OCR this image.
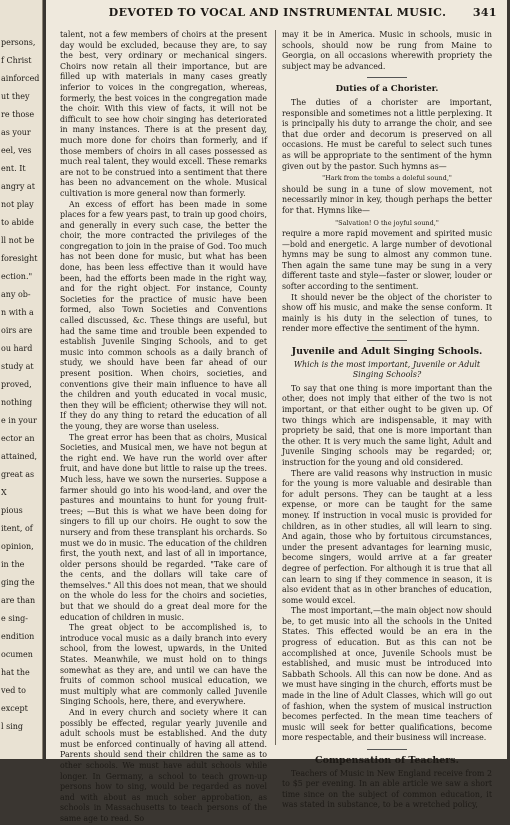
persons,
f Christ
ainforced
ut they
re those
as your
eel, ves
ent. It
angry at
not play
to abide
ll not be
foresight
ection."
any ob-
n with a
oirs are
ou hard
study at
proved,
nothing
e in your
ector an
attained,
great as
X
pious
itent, of
opinion,
in the
ging the
are than
e sing-
endition
ocumen
hat the
ved to
except
l sing
DEVOTED TO VOCAL AND INSTRUMENTAL MUSIC. 341

talent, not a few members of choirs at the present day would be excluded, because they are, to say the best, very ordinary or mechanical singers. Choirs now retain all their importance, but are filled up with materials in many cases greatly inferior to voices in the congregation, whereas, formerly, the best voices in the congregation made the choir. With this view of facts, it will not be difficult to see how choir singing has deteriorated in many instances. There is at the present day, much more done for choirs than formerly, and if those members of choirs in all cases possessed as much real talent, they would excell. These remarks are not to be construed into a sentiment that there has been no advancement on the whole. Musical cultivation is more general now than formerly.

An excess of effort has been made in some places for a few years past, to train up good choirs, and generally in every such case, the better the choir, the more contracted the privileges of the congregation to join in the praise of God. Too much has not been done for music, but what has been done, has been less effective than it would have been, had the efforts been made in the right way, and for the right object. For instance, County Societies for the practice of music have been formed, also Town Societies and Conventions called discussed, &c. These things are useful, but had the same time and trouble been expended to establish Juvenile Singing Schools, and to get music into common schools as a daily branch of study, we should have been far ahead of our present position. When choirs, societies, and conventions give their main influence to have all the children and youth educated in vocal music, then they will be efficient; otherwise they will not. If they do any thing to retard the education of all the young, they are worse than useless.

The great error has been that as choirs, Musical Societies, and Musical men, we have not begun at the right end. We have run the world over after fruit, and have done but little to raise up the trees. Much less, have we sown the nurseries. Suppose a farmer should go into his wood-land, and over the pastures and mountains to hunt for young fruit-trees; —But this is what we have been doing for singers to fill up our choirs. He ought to sow the nursery and from these transplant his orchards. So must we do in music. The education of the children first, the youth next, and last of all in importance, older persons should be regarded. "Take care of the cents, and the dollars will take care of themselves." All this does not mean, that we should on the whole do less for the choirs and societies, but that we should do a great deal more for the education of children in music.

The great object to be accomplished is, to introduce vocal music as a daily branch into every school, from the lowest, upwards, in the United States. Meanwhile, we must hold on to things somewhat as they are, and until we can have the fruits of common school musical education, we must multiply what are commonly called Juvenile Singing Schools, here, there, and everywhere.

And in every church and society where it can possibly be effected, regular yearly juvenile and adult schools must be established. And the duty must be enforced continually of having all attend. Parents should send their children the same as to other schools. We must have adult schools while longer. In Germany, a school to teach grown-up persons how to sing, would be regarded as novel and with about as much sober approbation, as schools in Massachusetts to teach persons of the same age to read. So

may it be in America. Music in schools, music in schools, should now be rung from Maine to Georgia, on all occasions wherewith propriety the subject may be advanced.

Duties of a Chorister.

The duties of a chorister are important, responsible and sometimes not a little perplexing. It is principally his duty to arrange the choir, and see that due order and decorum is preserved on all occasions. He must be careful to select such tunes as will be appropriate to the sentiment of the hymn given out by the pastor. Such hymns as—

"Hark from the tombs a doleful sound,"

should be sung in a tune of slow movement, not necessarily minor in key, though perhaps the better for that. Hymns like—

"Salvation! O the joyful sound,"

require a more rapid movement and spirited music—bold and energetic. A large number of devotional hymns may be sung to almost any common tune. Then again the same tune may be sung in a very different taste and style—faster or slower, louder or softer according to the sentiment.

It should never be the object of the chorister to show off his music, and make the sense conform. It mainly is his duty in the selection of tunes, to render more effective the sentiment of the hymn.

Juvenile and Adult Singing Schools.
Which is the most important, Juvenile or Adult Singing Schools?

To say that one thing is more important than the other, does not imply that either of the two is not important, or that either ought to be given up. Of two things which are indispensable, it may with propriety be said, that one is more important than the other. It is very much the same light, Adult and Juvenile Singing schools may be regarded; or, instruction for the young and old considered.

There are valid reasons why instruction in music for the young is more valuable and desirable than for adult persons. They can be taught at a less expense, or more can be taught for the same money. If instruction in vocal music is provided for children, as in other studies, all will learn to sing. And again, those who by fortuitous circumstances, under the present advantages for learning music, become singers, would arrive at a far greater degree of perfection. For although it is true that all can learn to sing if they commence in season, it is also evident that as in other branches of education, some would excel.

The most important,—the main object now should be, to get music into all the schools in the United States. This effected would be an era in the progress of education. But as this can not be accomplished at once, Juvenile Schools must be established, and music must be introduced into Sabbath Schools. All this can now be done. And as we must have singing in the church, efforts must be made in the line of Adult Classes, which will go out of fashion, when the system of musical instruction becomes perfected. In the mean time teachers of music will seek for better qualifications, become more respectable, and their business will increase.

Compensation of Teachers.

Teachers of Music in New England receive from 2 to $5 per evening. In an able article we saw a short time since on the subject of common education, it was stated in substance, to be a wretched policy,
